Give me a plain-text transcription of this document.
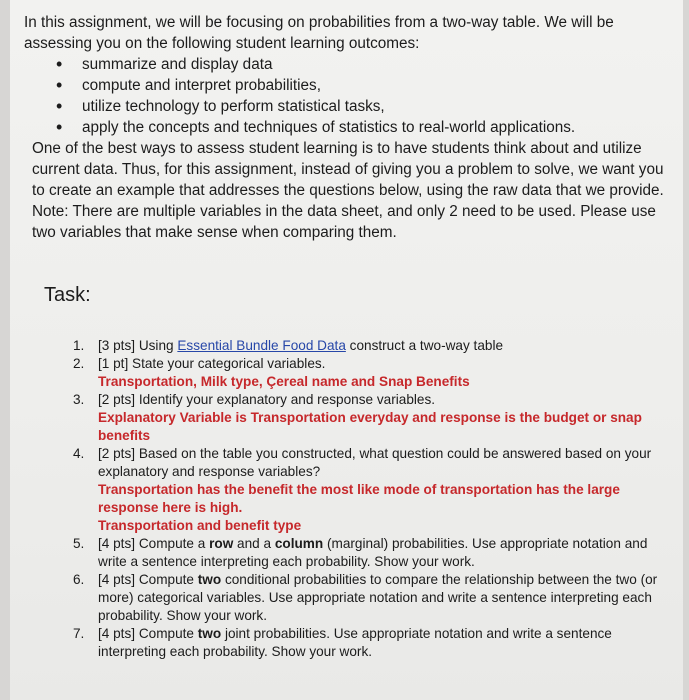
In this assignment, we will be focusing on probabilities from a two-way table. We will be assessing you on the following student learning outcomes:

• summarize and display data
• compute and interpret probabilities,
• utilize technology to perform statistical tasks,
• apply the concepts and techniques of statistics to real-world applications.

One of the best ways to assess student learning is to have students think about and utilize current data. Thus, for this assignment, instead of giving you a problem to solve, we want you to create an example that addresses the questions below, using the raw data that we provide. Note: There are multiple variables in the data sheet, and only 2 need to be used. Please use two variables that make sense when comparing them.

Task:
1. [3 pts] Using Essential Bundle Food Data construct a two-way table
2. [1 pt] State your categorical variables.
Transportation, Milk type, Çereal name and Snap Benefits
3. [2 pts] Identify your explanatory and response variables.
Explanatory Variable is Transportation everyday and response is the budget or snap benefits
4. [2 pts] Based on the table you constructed, what question could be answered based on your explanatory and response variables?
Transportation has the benefit the most like mode of transportation has the large response here is high.
Transportation and benefit type
5. [4 pts] Compute a row and a column (marginal) probabilities. Use appropriate notation and write a sentence interpreting each probability. Show your work.
6. [4 pts] Compute two conditional probabilities to compare the relationship between the two (or more) categorical variables. Use appropriate notation and write a sentence interpreting each probability. Show your work.
7. [4 pts] Compute two joint probabilities. Use appropriate notation and write a sentence interpreting each probability. Show your work.
